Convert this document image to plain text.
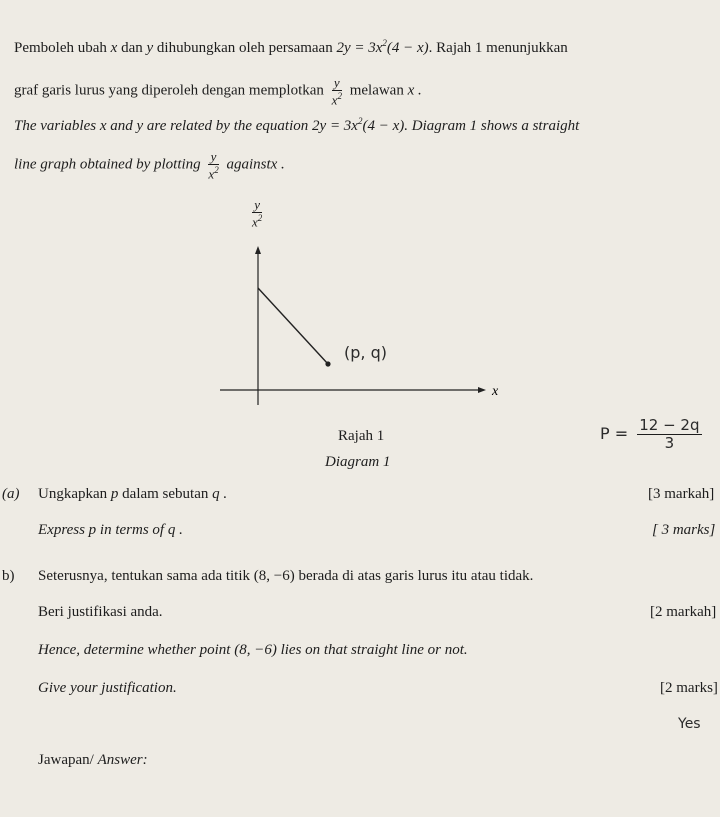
Pemboleh ubah x dan y dihubungkan oleh persamaan $2y = 3x^2(4 - x)$. Rajah 1 menunjukkan
graf garis lurus yang diperoleh dengan memplotkan $\frac{y}{x^2}$ melawan x .
The variables x and y are related by the equation $2y = 3x^2(4 - x)$. Diagram 1 shows a straight
line graph obtained by plotting $\frac{y}{x^2}$ againstx .
$\frac{y}{x^2}$
x
(p, q)
Rajah 1
Diagram 1
$P = \frac{12 - 2q}{3}$
(a) Ungkapkan p dalam sebutan q .	[3 markah]
Express p in terms of q .	[ 3 marks]
b) Seterusnya, tentukan sama ada titik (8, −6) berada di atas garis lurus itu atau tidak.
Beri justifikasi anda.	[2 markah]
Hence, determine whether point (8, −6) lies on that straight line or not.
Give your justification.	[2 marks]
Yes
Jawapan/ Answer:
